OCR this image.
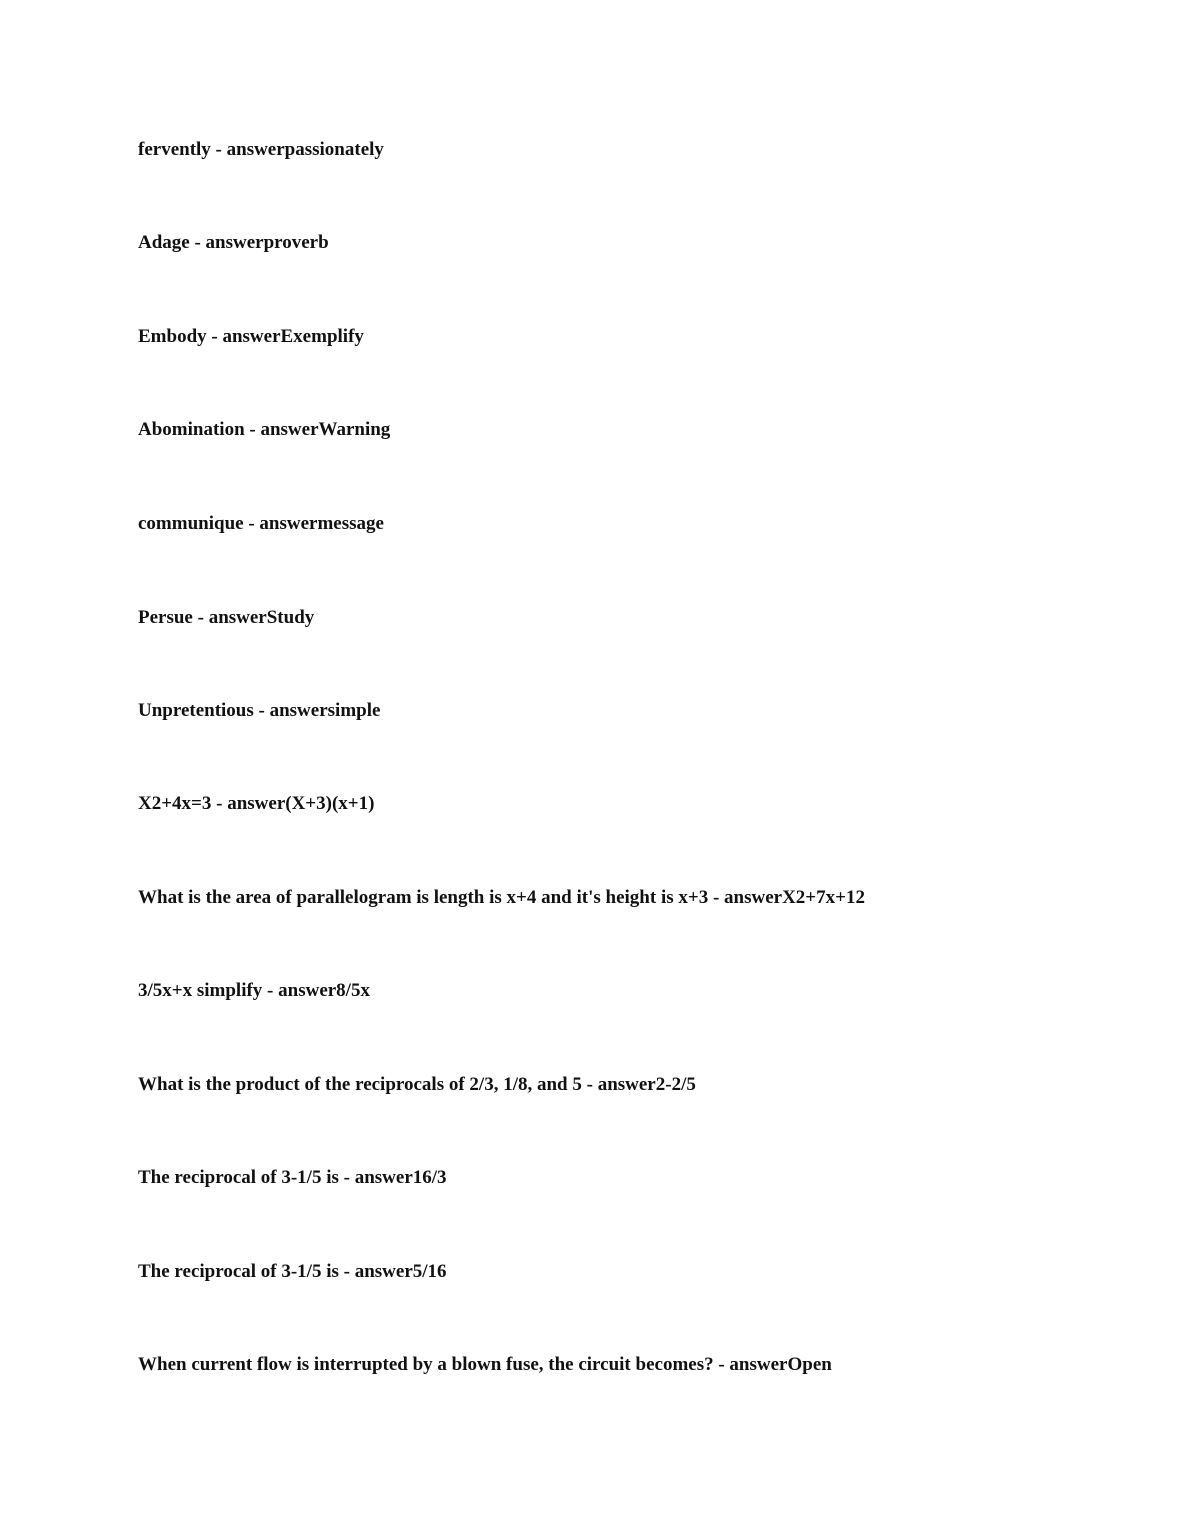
fervently - answerpassionately

Adage - answerproverb

Embody - answerExemplify

Abomination - answerWarning

communique - answermessage

Persue - answerStudy

Unpretentious - answersimple

X2+4x=3 - answer(X+3)(x+1)

What is the area of parallelogram is length is x+4 and it's height is x+3 - answerX2+7x+12

3/5x+x simplify - answer8/5x

What is the product of the reciprocals of 2/3, 1/8, and 5 - answer2-2/5

The reciprocal of 3-1/5 is - answer16/3

The reciprocal of 3-1/5 is - answer5/16

When current flow is interrupted by a blown fuse, the circuit becomes? - answerOpen
